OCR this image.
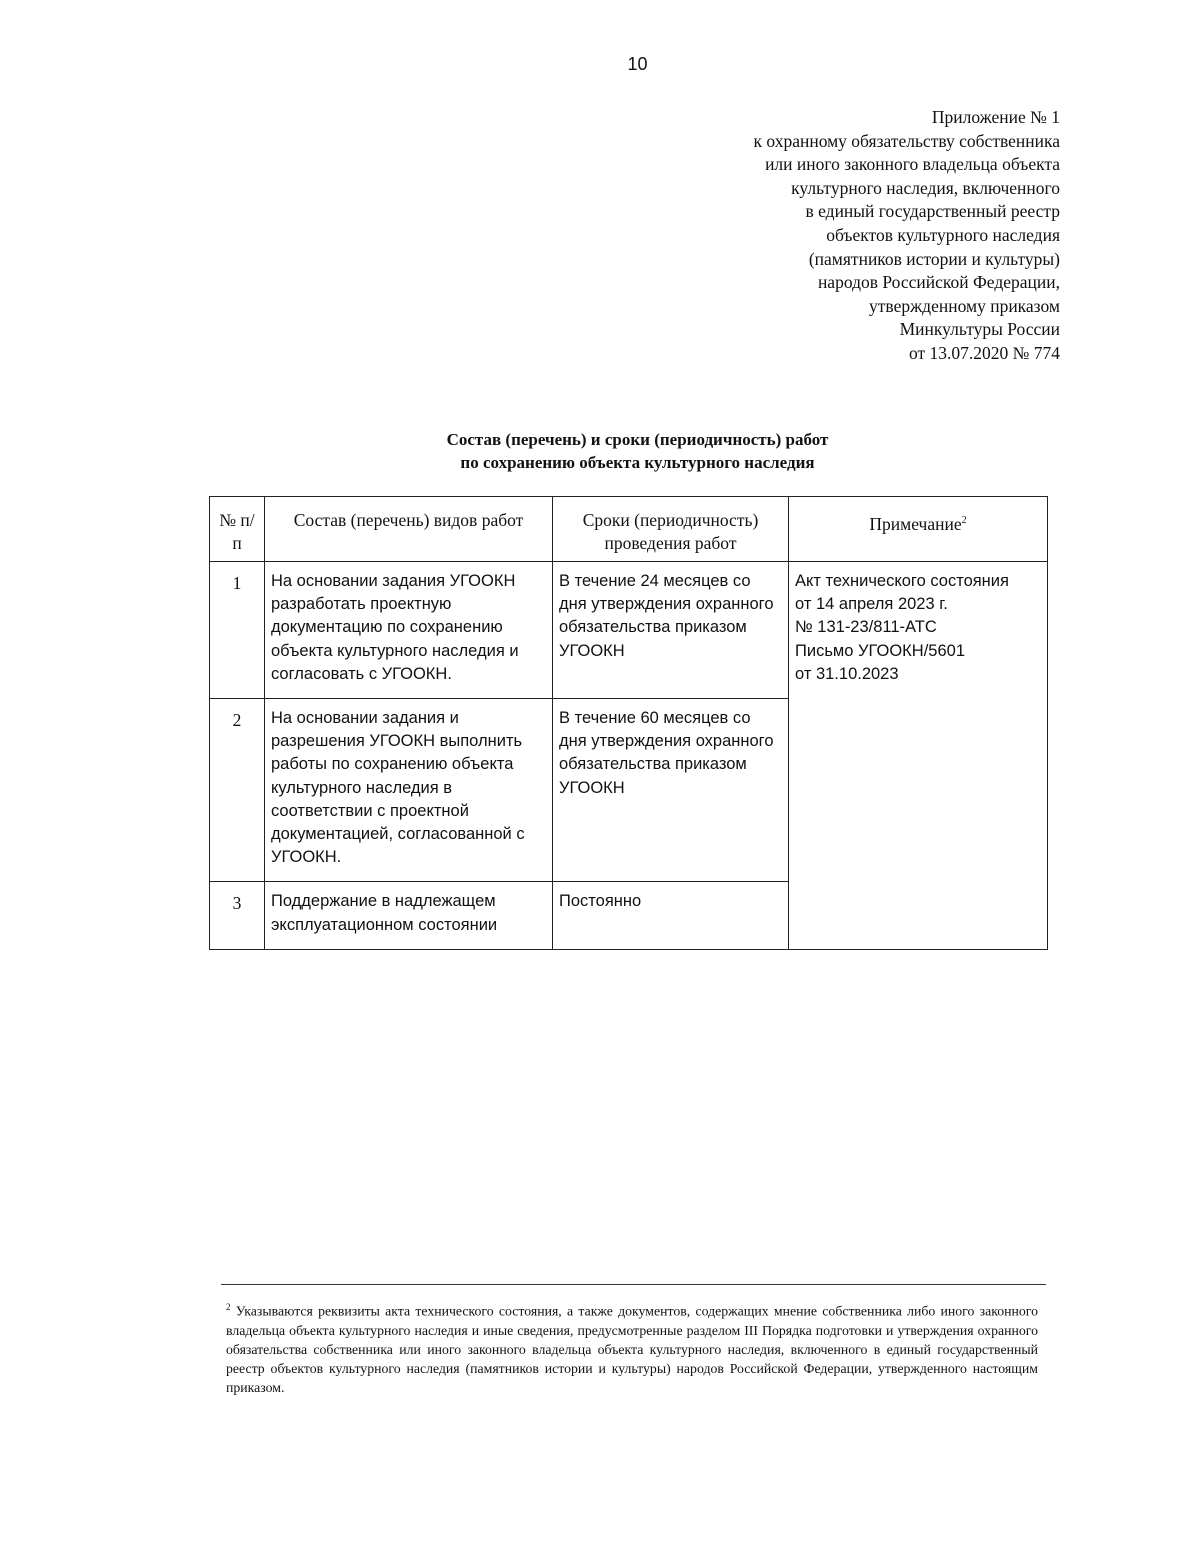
10
Приложение № 1
к охранному обязательству собственника
или иного законного владельца объекта
культурного наследия, включенного
в единый государственный реестр
объектов культурного наследия
(памятников истории и культуры)
народов Российской Федерации,
утвержденному приказом
Минкультуры России
от 13.07.2020 № 774
Состав (перечень) и сроки (периодичность) работ
по сохранению объекта культурного наследия
№ п/п	Состав (перечень) видов работ	Сроки (периодичность) проведения работ	Примечание$^2$
1	На основании задания УГООКН разработать проектную документацию по сохранению объекта культурного наследия и согласовать с УГООКН.	В течение 24 месяцев со дня утверждения охранного обязательства приказом УГООКН	Акт технического состояния
от 14 апреля 2023 г.
№ 131-23/811-АТС
Письмо УГООКН/5601
от 31.10.2023

2	На основании задания и разрешения УГООКН выполнить работы по сохранению объекта культурного наследия в соответствии с проектной документацией, согласованной с УГООКН.	В течение 60 месяцев со дня утверждения охранного обязательства приказом УГООКН	
3	Поддержание в надлежащем эксплуатационном состоянии	Постоянно	
$^2$ Указываются реквизиты акта технического состояния, а также документов, содержащих мнение собственника либо иного законного владельца объекта культурного наследия и иные сведения, предусмотренные разделом III Порядка подготовки и утверждения охранного обязательства собственника или иного законного владельца объекта культурного наследия, включенного в единый государственный реестр объектов культурного наследия (памятников истории и культуры) народов Российской Федерации, утвержденного настоящим приказом.
